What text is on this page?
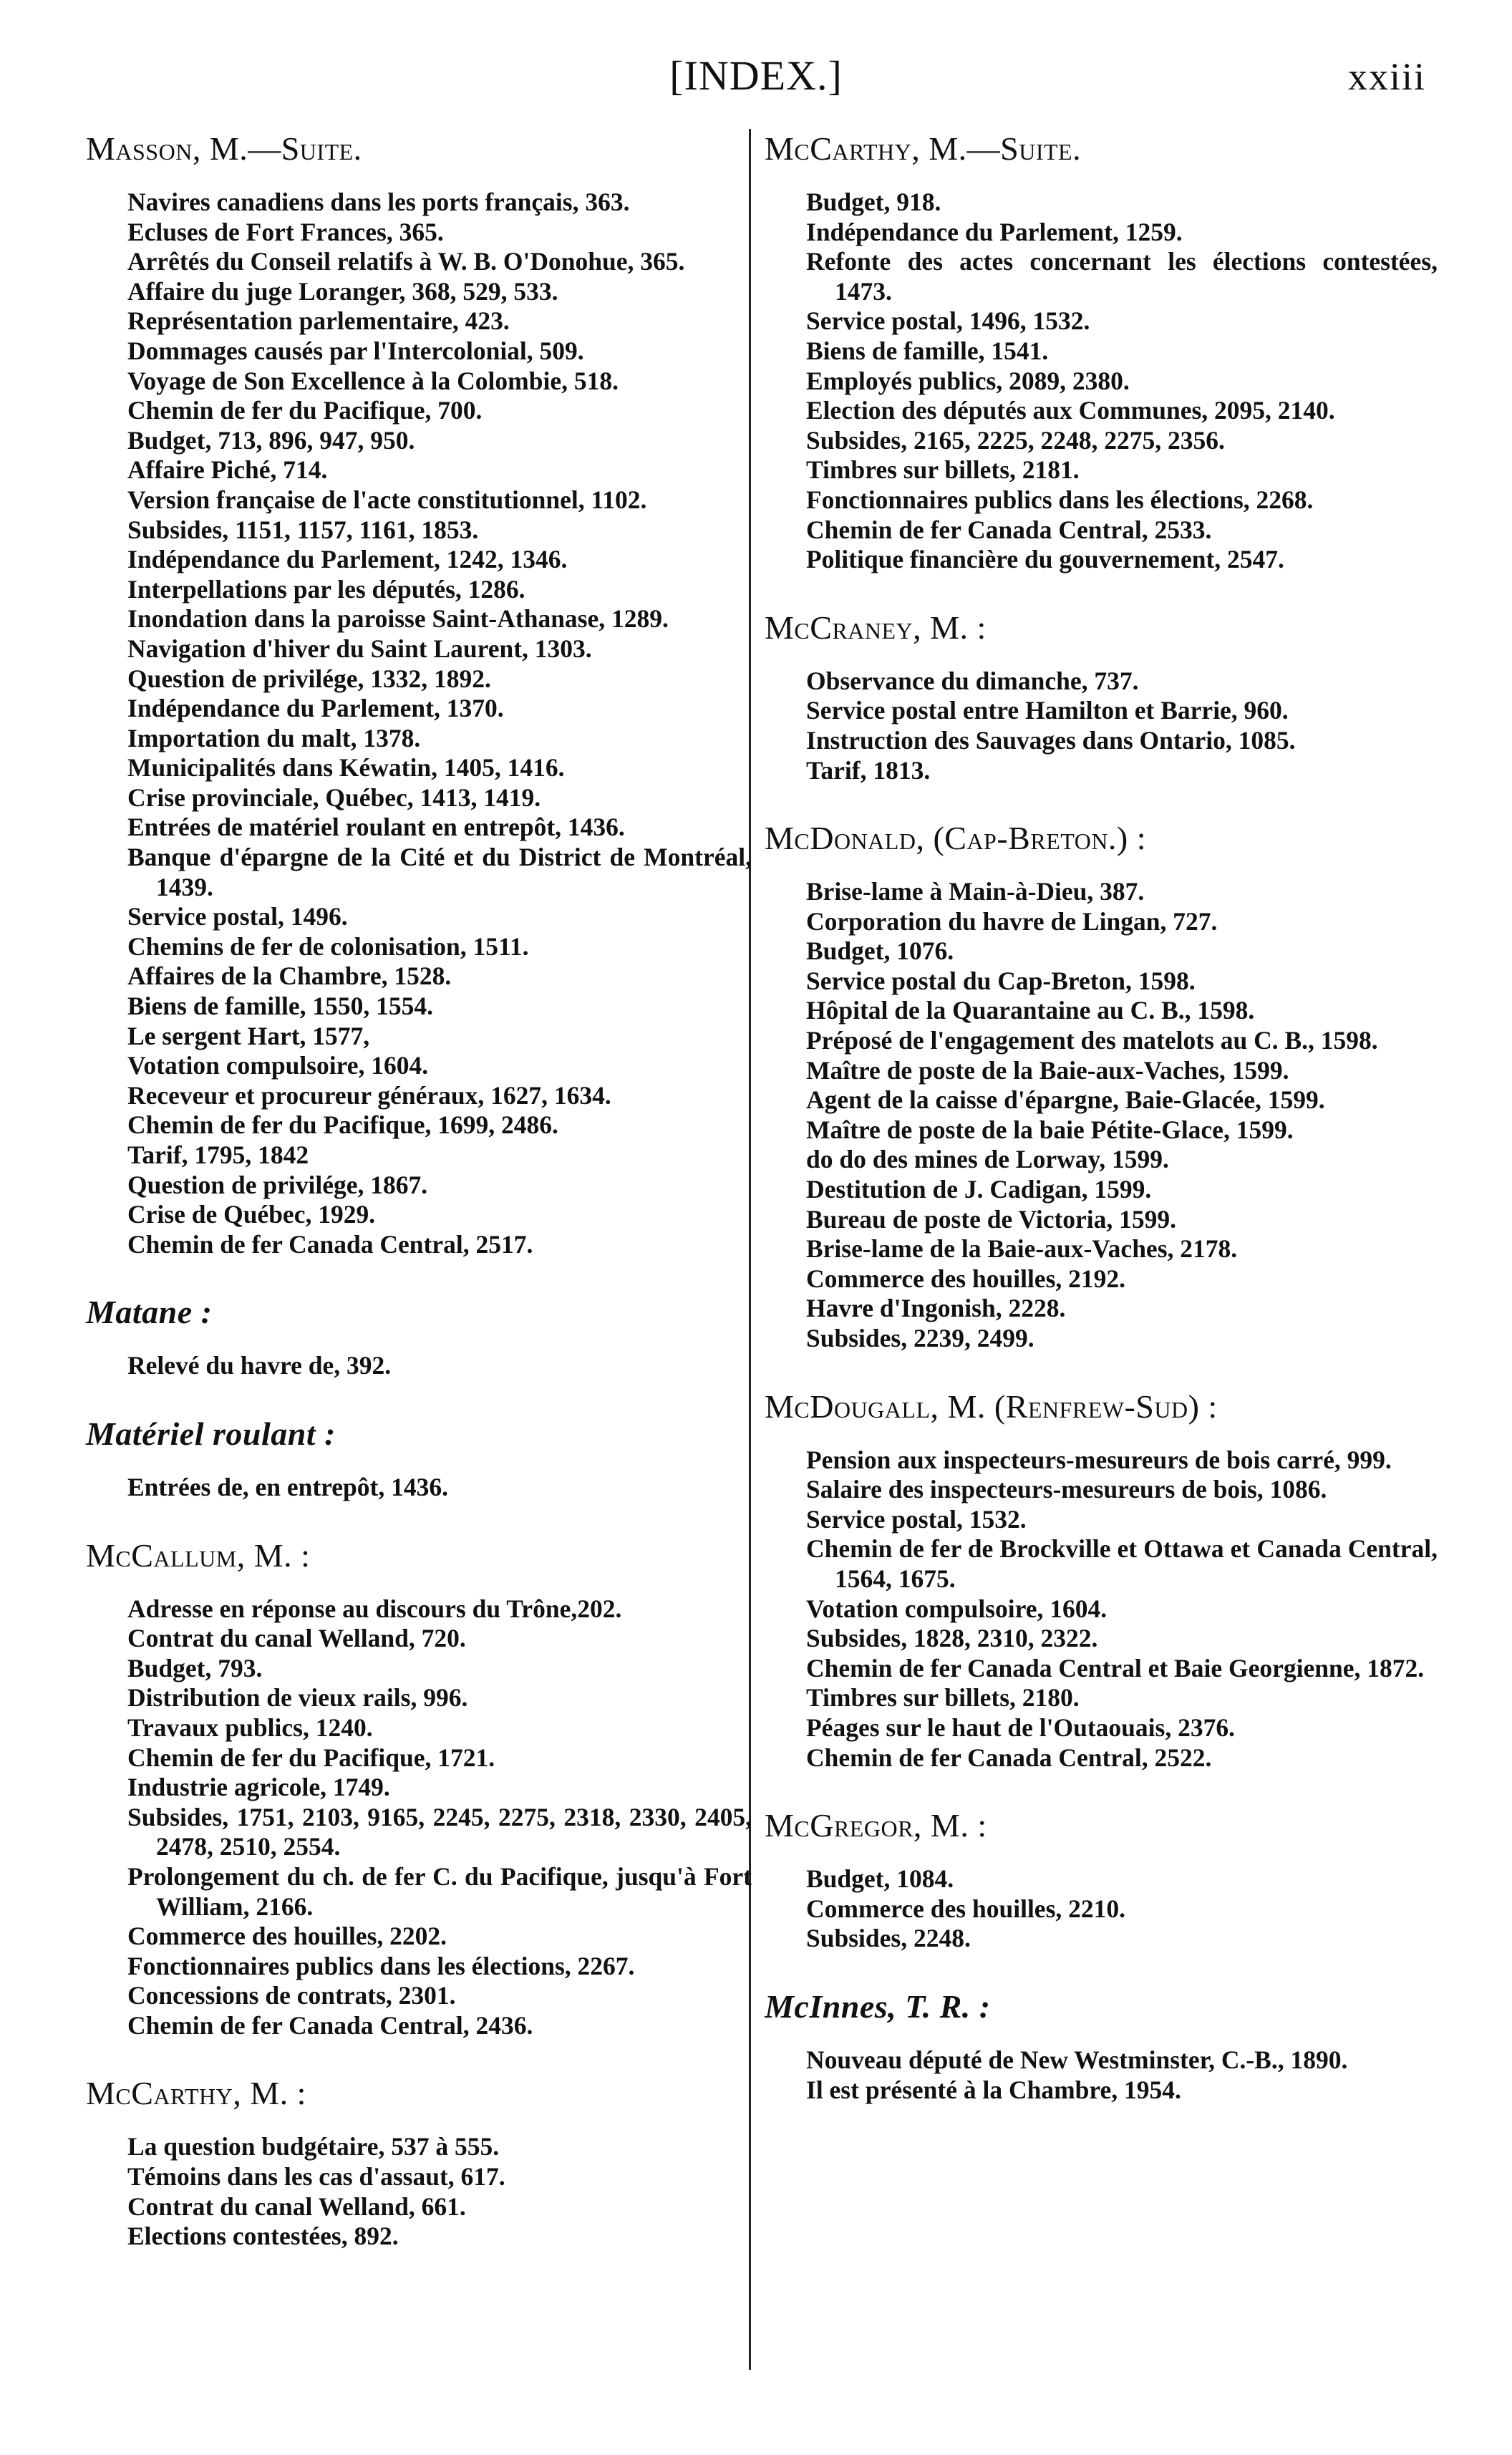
[INDEX.]	xxiii
Masson, M.—Suite.
Navires canadiens dans les ports français, 363.
Ecluses de Fort Frances, 365.
Arrêtés du Conseil relatifs à W. B. O'Donohue, 365.
Affaire du juge Loranger, 368, 529, 533.
Représentation parlementaire, 423.
Dommages causés par l'Intercolonial, 509.
Voyage de Son Excellence à la Colombie, 518.
Chemin de fer du Pacifique, 700.
Budget, 713, 896, 947, 950.
Affaire Piché, 714.
Version française de l'acte constitutionnel, 1102.
Subsides, 1151, 1157, 1161, 1853.
Indépendance du Parlement, 1242, 1346.
Interpellations par les députés, 1286.
Inondation dans la paroisse Saint-Athanase, 1289.
Navigation d'hiver du Saint Laurent, 1303.
Question de privilége, 1332, 1892.
Indépendance du Parlement, 1370.
Importation du malt, 1378.
Municipalités dans Kéwatin, 1405, 1416.
Crise provinciale, Québec, 1413, 1419.
Entrées de matériel roulant en entrepôt, 1436.
Banque d'épargne de la Cité et du District de Montréal, 1439.
Service postal, 1496.
Chemins de fer de colonisation, 1511.
Affaires de la Chambre, 1528.
Biens de famille, 1550, 1554.
Le sergent Hart, 1577,
Votation compulsoire, 1604.
Receveur et procureur généraux, 1627, 1634.
Chemin de fer du Pacifique, 1699, 2486.
Tarif, 1795, 1842
Question de privilége, 1867.
Crise de Québec, 1929.
Chemin de fer Canada Central, 2517.
Matane :
Relevé du havre de, 392.
Matériel roulant :
Entrées de, en entrepôt, 1436.
McCallum, M. :
Adresse en réponse au discours du Trône,202.
Contrat du canal Welland, 720.
Budget, 793.
Distribution de vieux rails, 996.
Travaux publics, 1240.
Chemin de fer du Pacifique, 1721.
Industrie agricole, 1749.
Subsides, 1751, 2103, 9165, 2245, 2275, 2318, 2330, 2405, 2478, 2510, 2554.
Prolongement du ch. de fer C. du Pacifique, jusqu'à Fort William, 2166.
Commerce des houilles, 2202.
Fonctionnaires publics dans les élections, 2267.
Concessions de contrats, 2301.
Chemin de fer Canada Central, 2436.
McCarthy, M. :
La question budgétaire, 537 à 555.
Témoins dans les cas d'assaut, 617.
Contrat du canal Welland, 661.
Elections contestées, 892.
McCarthy, M.—Suite.
Budget, 918.
Indépendance du Parlement, 1259.
Refonte des actes concernant les élections contestées, 1473.
Service postal, 1496, 1532.
Biens de famille, 1541.
Employés publics, 2089, 2380.
Election des députés aux Communes, 2095, 2140.
Subsides, 2165, 2225, 2248, 2275, 2356.
Timbres sur billets, 2181.
Fonctionnaires publics dans les élections, 2268.
Chemin de fer Canada Central, 2533.
Politique financière du gouvernement, 2547.
McCraney, M. :
Observance du dimanche, 737.
Service postal entre Hamilton et Barrie, 960.
Instruction des Sauvages dans Ontario, 1085.
Tarif, 1813.
McDonald, (Cap-Breton.) :
Brise-lame à Main-à-Dieu, 387.
Corporation du havre de Lingan, 727.
Budget, 1076.
Service postal du Cap-Breton, 1598.
Hôpital de la Quarantaine au C. B., 1598.
Préposé de l'engagement des matelots au C. B., 1598.
Maître de poste de la Baie-aux-Vaches, 1599.
Agent de la caisse d'épargne, Baie-Glacée, 1599.
Maître de poste de la baie Pétite-Glace, 1599.
do do des mines de Lorway, 1599.
Destitution de J. Cadigan, 1599.
Bureau de poste de Victoria, 1599.
Brise-lame de la Baie-aux-Vaches, 2178.
Commerce des houilles, 2192.
Havre d'Ingonish, 2228.
Subsides, 2239, 2499.
McDougall, M. (Renfrew-Sud) :
Pension aux inspecteurs-mesureurs de bois carré, 999.
Salaire des inspecteurs-mesureurs de bois, 1086.
Service postal, 1532.
Chemin de fer de Brockville et Ottawa et Canada Central, 1564, 1675.
Votation compulsoire, 1604.
Subsides, 1828, 2310, 2322.
Chemin de fer Canada Central et Baie Georgienne, 1872.
Timbres sur billets, 2180.
Péages sur le haut de l'Outaouais, 2376.
Chemin de fer Canada Central, 2522.
McGregor, M. :
Budget, 1084.
Commerce des houilles, 2210.
Subsides, 2248.
McInnes, T. R. :
Nouveau député de New Westminster, C.-B., 1890.
Il est présenté à la Chambre, 1954.
